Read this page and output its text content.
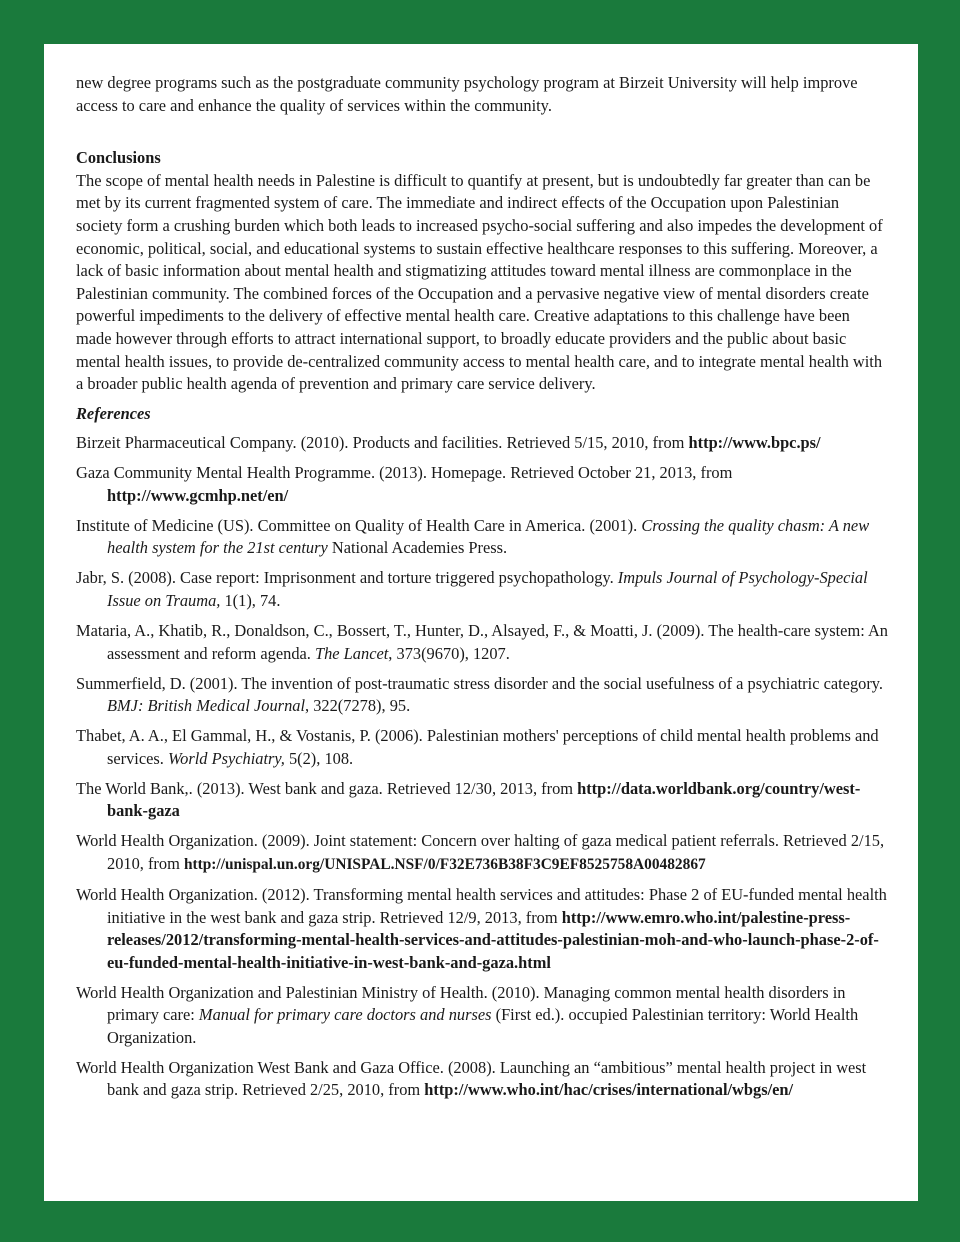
new degree programs such as the postgraduate community psychology program at Birzeit University will help improve access to care and enhance the quality of services within the community.

Conclusions

The scope of mental health needs in Palestine is difficult to quantify at present, but is undoubtedly far greater than can be met by its current fragmented system of care. The immediate and indirect effects of the Occupation upon Palestinian society form a crushing burden which both leads to increased psycho-social suffering and also impedes the development of economic, political, social, and educational systems to sustain effective healthcare responses to this suffering. Moreover, a lack of basic information about mental health and stigmatizing attitudes toward mental illness are commonplace in the Palestinian community. The combined forces of the Occupation and a pervasive negative view of mental disorders create powerful impediments to the delivery of effective mental health care. Creative adaptations to this challenge have been made however through efforts to attract international support, to broadly educate providers and the public about basic mental health issues, to provide de-centralized community access to mental health care, and to integrate mental health with a broader public health agenda of prevention and primary care service delivery.

References

Birzeit Pharmaceutical Company. (2010). Products and facilities. Retrieved 5/15, 2010, from http://www.bpc.ps/

Gaza Community Mental Health Programme. (2013). Homepage. Retrieved October 21, 2013, from http://www.gcmhp.net/en/

Institute of Medicine (US). Committee on Quality of Health Care in America. (2001). Crossing the quality chasm: A new health system for the 21st century National Academies Press.

Jabr, S. (2008). Case report: Imprisonment and torture triggered psychopathology. Impuls Journal of Psychology-Special Issue on Trauma, 1(1), 74.

Mataria, A., Khatib, R., Donaldson, C., Bossert, T., Hunter, D., Alsayed, F., & Moatti, J. (2009). The health-care system: An assessment and reform agenda. The Lancet, 373(9670), 1207.

Summerfield, D. (2001). The invention of post-traumatic stress disorder and the social usefulness of a psychiatric category. BMJ: British Medical Journal, 322(7278), 95.

Thabet, A. A., El Gammal, H., & Vostanis, P. (2006). Palestinian mothers' perceptions of child mental health problems and services. World Psychiatry, 5(2), 108.

The World Bank,. (2013). West bank and gaza. Retrieved 12/30, 2013, from http://data.worldbank.org/country/west-bank-gaza

World Health Organization. (2009). Joint statement: Concern over halting of gaza medical patient referrals. Retrieved 2/15, 2010, from http://unispal.un.org/UNISPAL.NSF/0/F32E736B38F3C9EF8525758A00482867

World Health Organization. (2012). Transforming mental health services and attitudes: Phase 2 of EU-funded mental health initiative in the west bank and gaza strip. Retrieved 12/9, 2013, from http://www.emro.who.int/palestine-press-releases/2012/transforming-mental-health-services-and-attitudes-palestinian-moh-and-who-launch-phase-2-of-eu-funded-mental-health-initiative-in-west-bank-and-gaza.html

World Health Organization and Palestinian Ministry of Health. (2010). Managing common mental health disorders in primary care: Manual for primary care doctors and nurses (First ed.). occupied Palestinian territory: World Health Organization.

World Health Organization West Bank and Gaza Office. (2008). Launching an “ambitious” mental health project in west bank and gaza strip. Retrieved 2/25, 2010, from http://www.who.int/hac/crises/international/wbgs/en/
